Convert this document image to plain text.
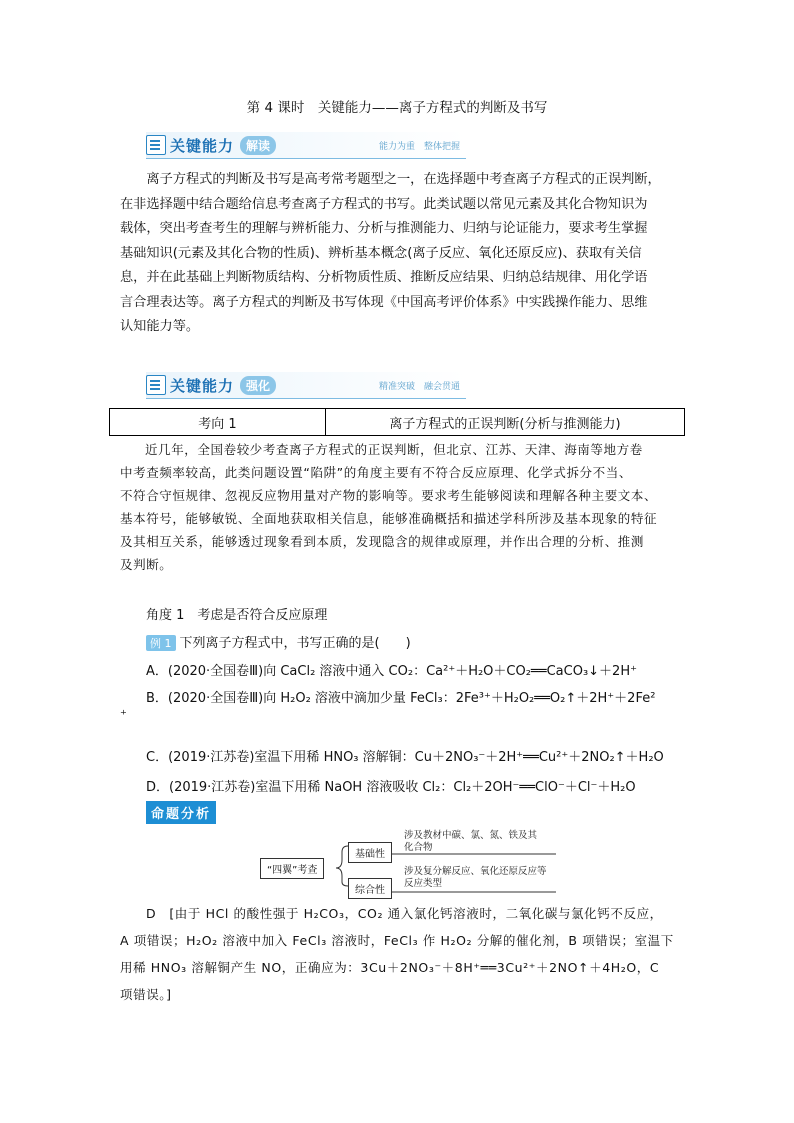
第 4 课时　关键能力——离子方程式的判断及书写
关键能力	解读	能力为重　整体把握

离子方程式的判断及书写是高考常考题型之一，在选择题中考查离子方程式的正误判断，

在非选择题中结合题给信息考查离子方程式的书写。此类试题以常见元素及其化合物知识为

载体，突出考查考生的理解与辨析能力、分析与推测能力、归纳与论证能力，要求考生掌握

基础知识(元素及其化合物的性质)、辨析基本概念(离子反应、氧化还原反应)、获取有关信

息，并在此基础上判断物质结构、分析物质性质、推断反应结果、归纳总结规律、用化学语

言合理表达等。离子方程式的判断及书写体现《中国高考评价体系》中实践操作能力、思维

认知能力等。

关键能力	强化	精准突破　融会贯通
考向 1	离子方程式的正误判断(分析与推测能力)

近几年，全国卷较少考查离子方程式的正误判断，但北京、江苏、天津、海南等地方卷

中考查频率较高，此类问题设置“陷阱”的角度主要有不符合反应原理、化学式拆分不当、

不符合守恒规律、忽视反应物用量对产物的影响等。要求考生能够阅读和理解各种主要文本、

基本符号，能够敏锐、全面地获取相关信息，能够准确概括和描述学科所涉及基本现象的特征

及其相互关系，能够透过现象看到本质，发现隐含的规律或原理，并作出合理的分析、推测

及判断。

角度 1　考虑是否符合反应原理
例 1 下列离子方程式中，书写正确的是(　　)
A．(2020·全国卷Ⅲ)向 CaCl₂ 溶液中通入 CO₂：Ca²⁺＋H₂O＋CO₂══CaCO₃↓＋2H⁺
B．(2020·全国卷Ⅲ)向 H₂O₂ 溶液中滴加少量 FeCl₃：2Fe³⁺＋H₂O₂══O₂↑＋2H⁺＋2Fe²
⁺
C．(2019·江苏卷)室温下用稀 HNO₃ 溶解铜：Cu＋2NO₃⁻＋2H⁺══Cu²⁺＋2NO₂↑＋H₂O
D．(2019·江苏卷)室温下用稀 NaOH 溶液吸收 Cl₂：Cl₂＋2OH⁻══ClO⁻＋Cl⁻＋H₂O
命题分析
“四翼”考查
基础性
综合性
涉及教材中碳、氯、氮、铁及其
化合物
涉及复分解反应、氧化还原反应等
反应类型

D　[由于 HCl 的酸性强于 H₂CO₃，CO₂ 通入氯化钙溶液时，二氧化碳与氯化钙不反应，

A 项错误；H₂O₂ 溶液中加入 FeCl₃ 溶液时，FeCl₃ 作 H₂O₂ 分解的催化剂，B 项错误；室温下

用稀 HNO₃ 溶解铜产生 NO，正确应为：3Cu＋2NO₃⁻＋8H⁺══3Cu²⁺＋2NO↑＋4H₂O，C

项错误。]
